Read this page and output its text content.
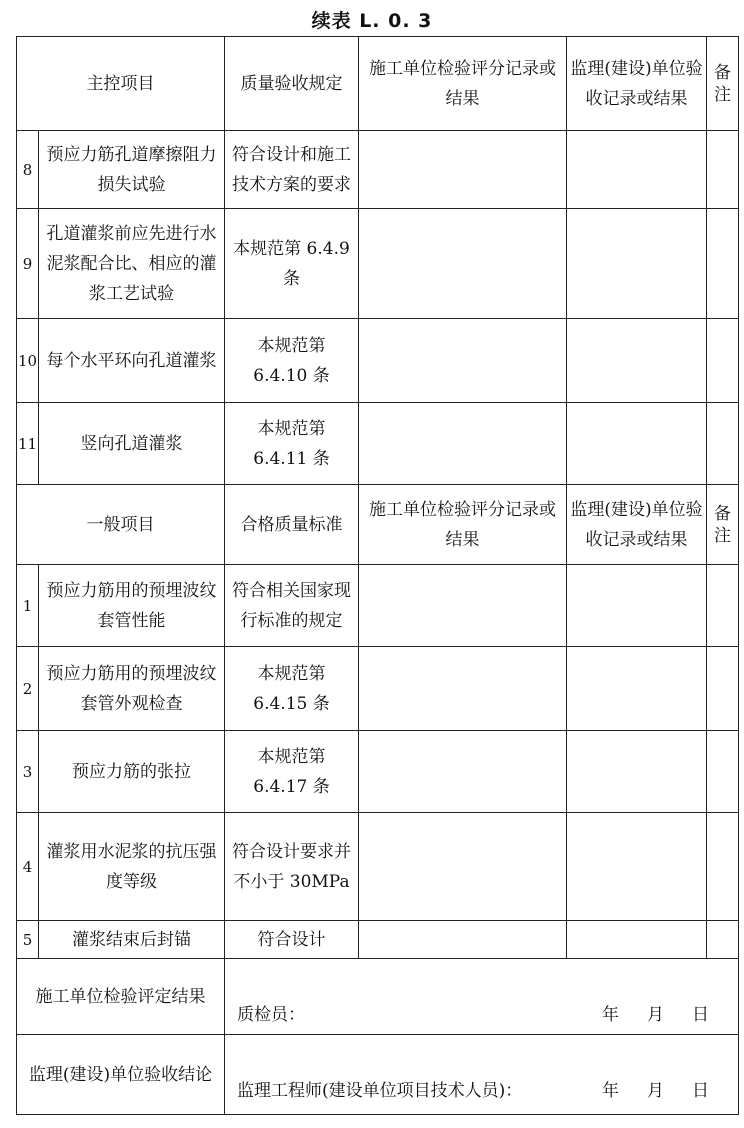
续表 L. 0. 3
主控项目		质量验收规定	施工单位检验评分记录或结果	监理(建设)单位验收记录或结果	备注
8	预应力筋孔道摩擦阻力损失试验	符合设计和施工技术方案的要求			
9	孔道灌浆前应先进行水泥浆配合比、相应的灌浆工艺试验	本规范第 6.4.9 条			
10	每个水平环向孔道灌浆	本规范第 6.4.10 条			
11	竖向孔道灌浆	本规范第 6.4.11 条			
一般项目		合格质量标准	施工单位检验评分记录或结果	监理(建设)单位验收记录或结果	备注
1	预应力筋用的预埋波纹套管性能	符合相关国家现行标准的规定			
2	预应力筋用的预埋波纹套管外观检查	本规范第 6.4.15 条			
3	预应力筋的张拉	本规范第 6.4.17 条			
4	灌浆用水泥浆的抗压强度等级	符合设计要求并不小于 30MPa			
5	灌浆结束后封锚	符合设计			
施工单位检验评定结果		质检员： 年 月 日			

监理(建设)单位验收结论		监理工程师(建设单位项目技术人员)： 年 月 日			
